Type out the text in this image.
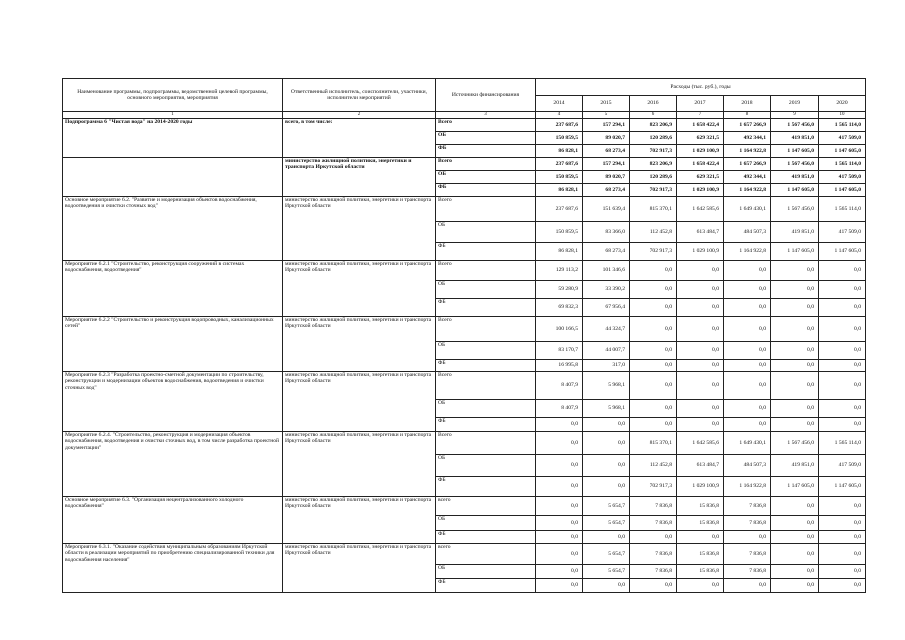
Наименование программы, подпрограммы, ведомственной целевой программы, основного мероприятия, мероприятия	Ответственный исполнитель, соисполнители, участники, исполнители мероприятий	Источники финансирования	Расходы (тыс. руб.), годы						
			2014	2015	2016	2017	2018	2019	2020
1	2	3	4	5	6	7	8	9	10
Подпрограмма 6 "Чистая вода" на 2014-2020 годы	всего, в том числе:	Всего	237 687,6	157 294,1	823 206,9	1 658 422,4	1 657 266,9	1 567 456,0	1 565 114,0
		ОБ	150 859,5	89 020,7	120 289,6	629 321,5	492 344,1	419 851,0	417 509,0
		ФБ	86 828,1	68 273,4	702 917,3	1 029 100,9	1 164 922,8	1 147 605,0	1 147 605,0
	министерство жилищной политики, энергетики и транспорта Иркутской области	Всего	237 687,6	157 294,1	823 206,9	1 658 422,4	1 657 266,9	1 567 456,0	1 565 114,0
		ОБ	150 859,5	89 020,7	120 289,6	629 321,5	492 344,1	419 851,0	417 509,0
		ФБ	86 828,1	68 273,4	702 917,3	1 029 100,9	1 164 922,8	1 147 605,0	1 147 605,0
Основное мероприятие 6.2. "Развитие и модернизация объектов водоснабжения, водоотведения и очистки сточных вод"	министерство жилищной политики, энергетики и транспорта Иркутской области	Всего	237 687,6	151 639,4	815 370,1	1 642 585,6	1 649 430,1	1 567 456,0	1 565 114,0
		ОБ	150 859,5	83 366,0	112 452,8	613 484,7	484 507,3	419 851,0	417 509,0
		ФБ	86 828,1	68 273,4	702 917,3	1 029 100,9	1 164 922,8	1 147 605,0	1 147 605,0
Мероприятие 6.2.1 "Строительство, реконструкция сооружений в системах водоснабжения, водоотведения"	министерство жилищной политики, энергетики и транспорта Иркутской области	Всего	129 113,2	101 346,6	0,0	0,0	0,0	0,0	0,0
		ОБ	59 280,9	33 390,2	0,0	0,0	0,0	0,0	0,0
		ФБ	69 832,3	67 956,4	0,0	0,0	0,0	0,0	0,0
Мероприятие 6.2.2 "Строительство и реконструкция водопроводных, канализационных сетей"	министерство жилищной политики, энергетики и транспорта Иркутской области	Всего	100 166,5	44 324,7	0,0	0,0	0,0	0,0	0,0
		ОБ	83 170,7	44 007,7	0,0	0,0	0,0	0,0	0,0
		ФБ	16 995,8	317,0	0,0	0,0	0,0	0,0	0,0
Мероприятие 6.2.3 "Разработка проектно-сметной документации по строительству, реконструкции и модернизации объектов водоснабжения, водоотведения и очистки сточных вод"	министерство жилищной политики, энергетики и транспорта Иркутской области	Всего	8 407,9	5 968,1	0,0	0,0	0,0	0,0	0,0
		ОБ	8 407,9	5 968,1	0,0	0,0	0,0	0,0	0,0
		ФБ	0,0	0,0	0,0	0,0	0,0	0,0	0,0
Мероприятие 6.2.4. "Строительство, реконструкция и модернизация объектов водоснабжения, водоотведения и очистки сточных вод, в том числе разработка проектной документации"	министерство жилищной политики, энергетики и транспорта Иркутской области	Всего	0,0	0,0	815 370,1	1 642 585,6	1 649 430,1	1 567 456,0	1 565 114,0
		ОБ	0,0	0,0	112 452,8	613 484,7	484 507,3	419 851,0	417 509,0
		ФБ	0,0	0,0	702 917,3	1 029 100,9	1 164 922,8	1 147 605,0	1 147 605,0
Основное мероприятие 6.3. "Организация нецентрализованного холодного водоснабжения"	министерство жилищной политики, энергетики и транспорта Иркутской области	всего	0,0	5 654,7	7 836,8	15 836,8	7 836,8	0,0	0,0
		ОБ	0,0	5 654,7	7 836,8	15 836,8	7 836,8	0,0	0,0
		ФБ	0,0	0,0	0,0	0,0	0,0	0,0	0,0
Мероприятие 6.3.1. "Оказание содействия муниципальным образованиям Иркутской области в реализации мероприятий по приобретению специализированной техники для водоснабжения населения"	министерство жилищной политики, энергетики и транспорта Иркутской области	всего	0,0	5 654,7	7 836,8	15 836,8	7 836,8	0,0	0,0
		ОБ	0,0	5 654,7	7 836,8	15 836,8	7 836,8	0,0	0,0
		ФБ	0,0	0,0	0,0	0,0	0,0	0,0	0,0
